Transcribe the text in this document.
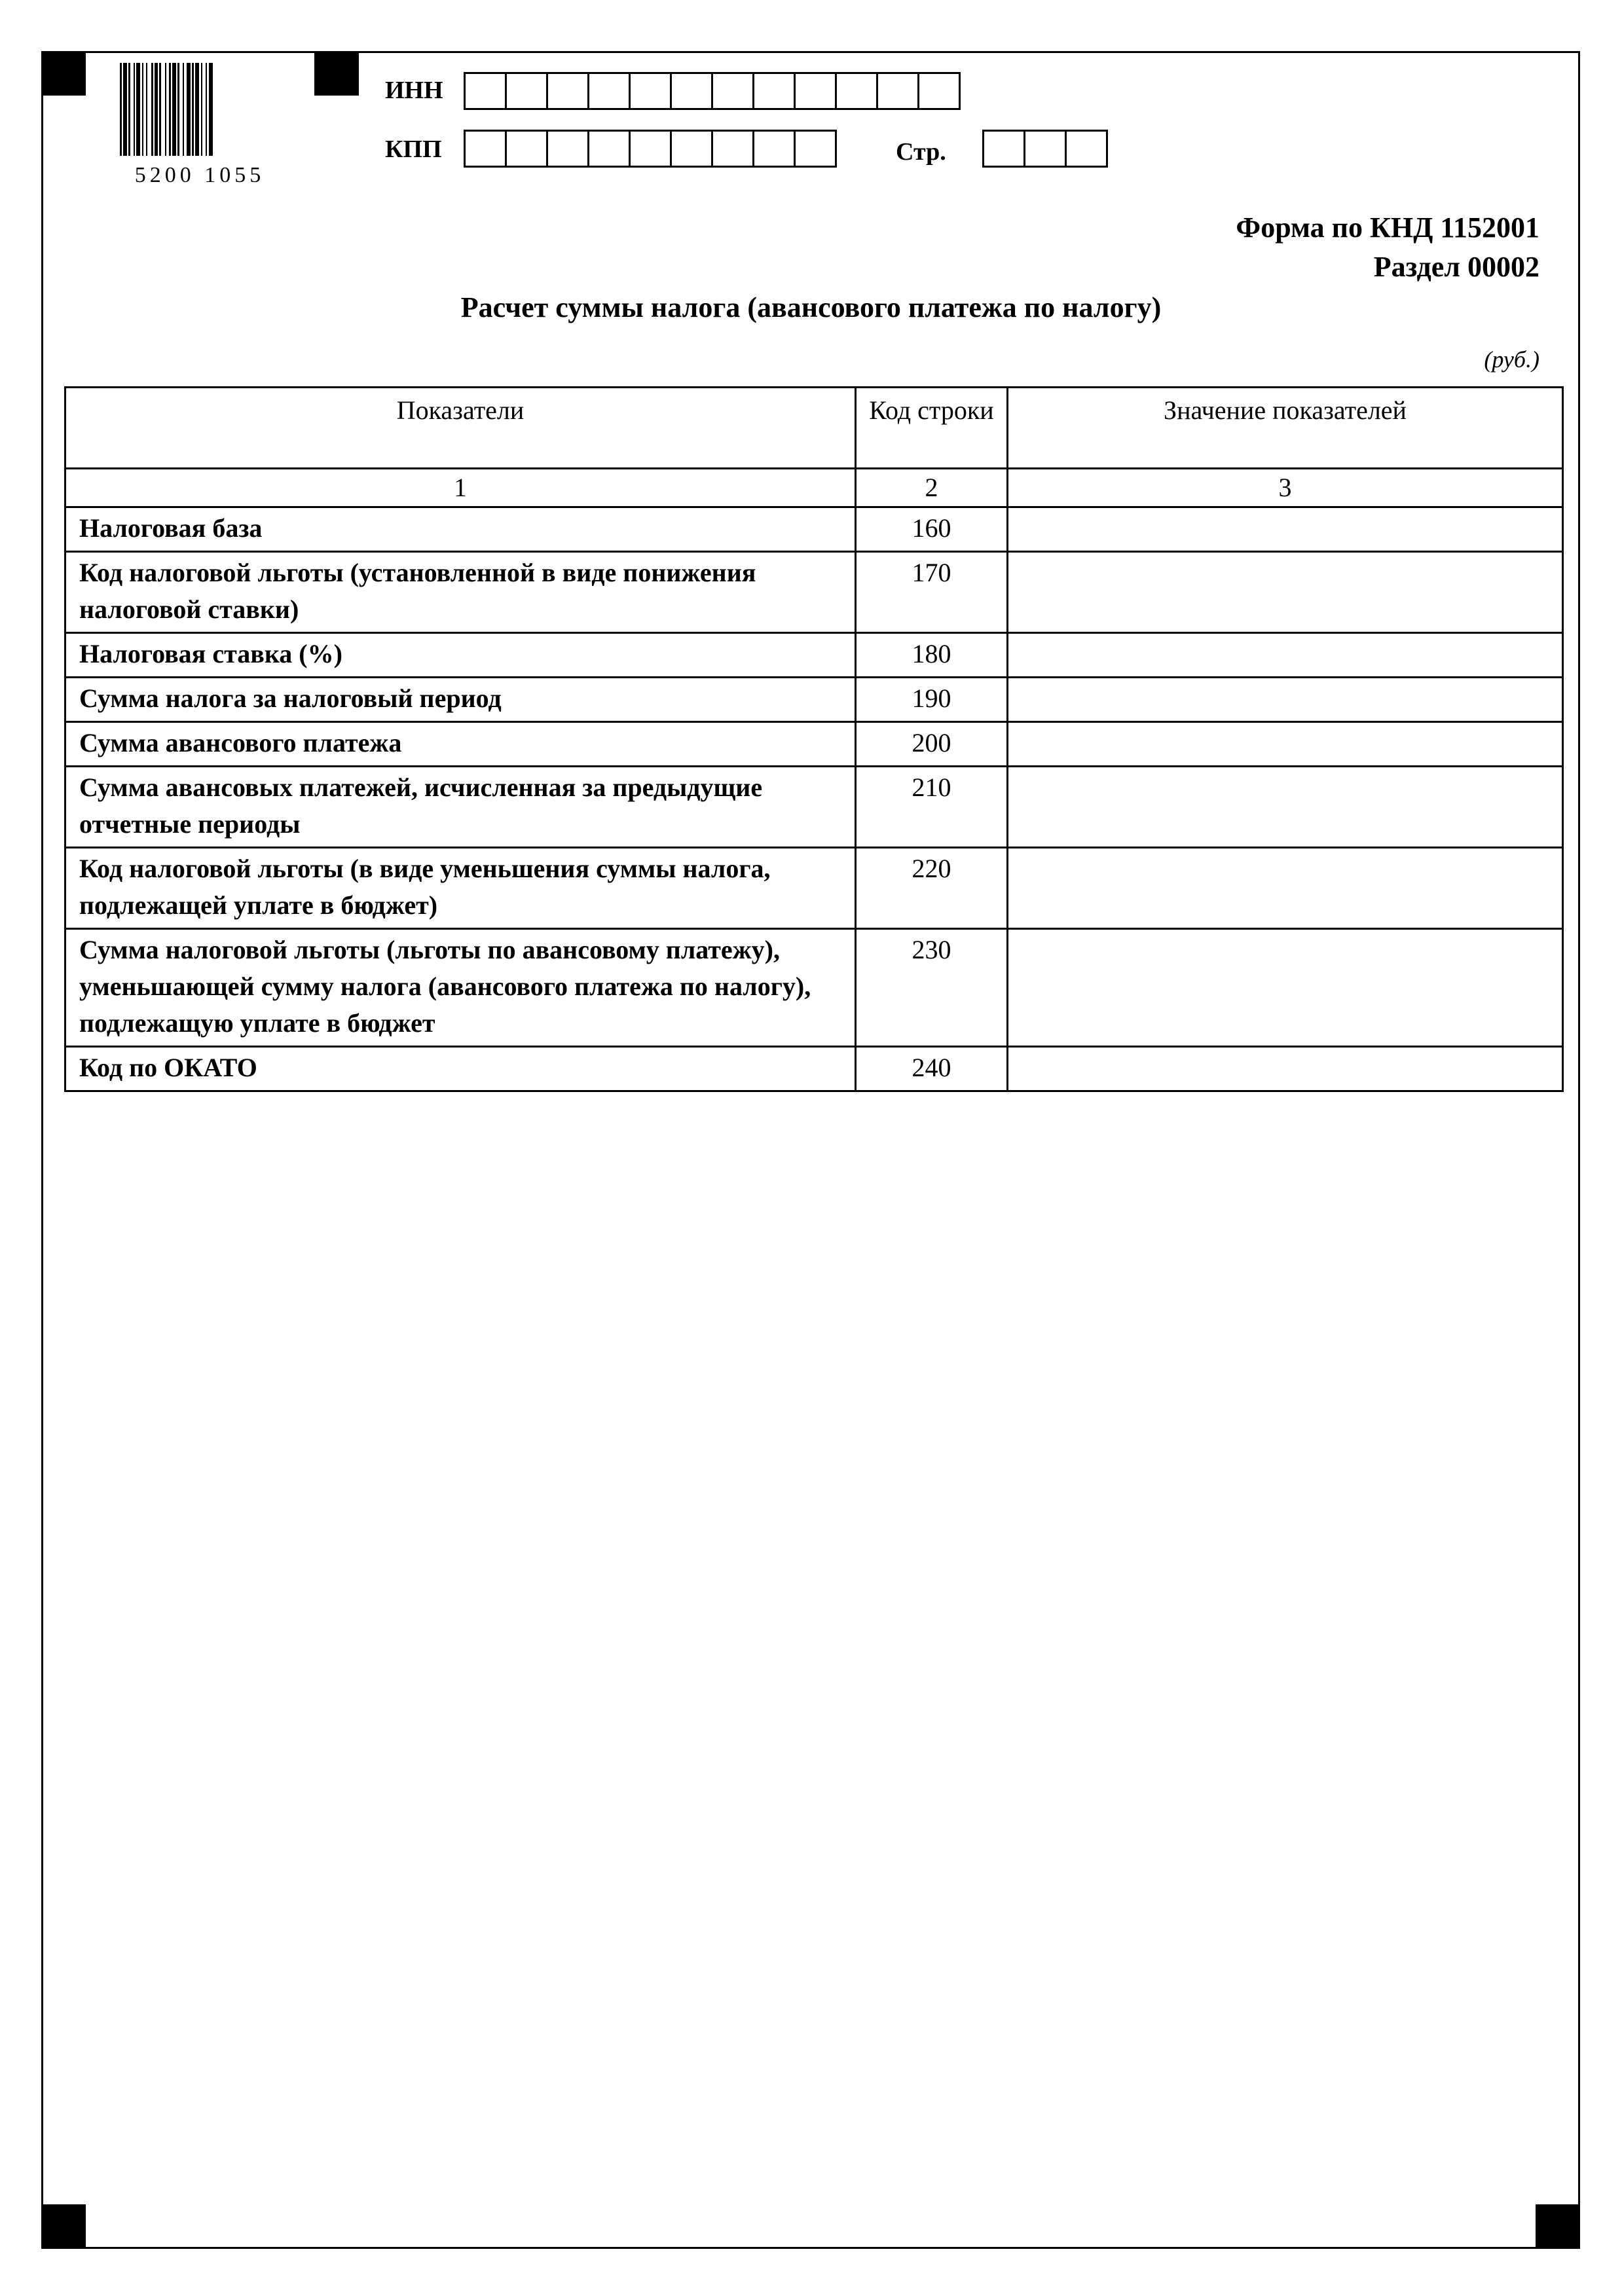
5200 1055
ИНН
КПП	Стр.
Форма по КНД 1152001
Раздел 00002
Расчет суммы налога (авансового платежа по налогу)
(руб.)
Показатели	Код строки	Значение показателей
1	2	3
Налоговая база	160	
Код налоговой льготы (установленной в виде понижения налоговой ставки)	170	
Налоговая ставка (%)	180	
Сумма налога за налоговый период	190	
Сумма авансового платежа	200	
Сумма авансовых платежей, исчисленная за предыдущие отчетные периоды	210	
Код налоговой льготы (в виде уменьшения суммы налога, подлежащей уплате в бюджет)	220	
Сумма налоговой льготы (льготы по авансовому платежу), уменьшающей сумму налога (авансового платежа по налогу), подлежащую уплате в бюджет	230	
Код по ОКАТО	240	
